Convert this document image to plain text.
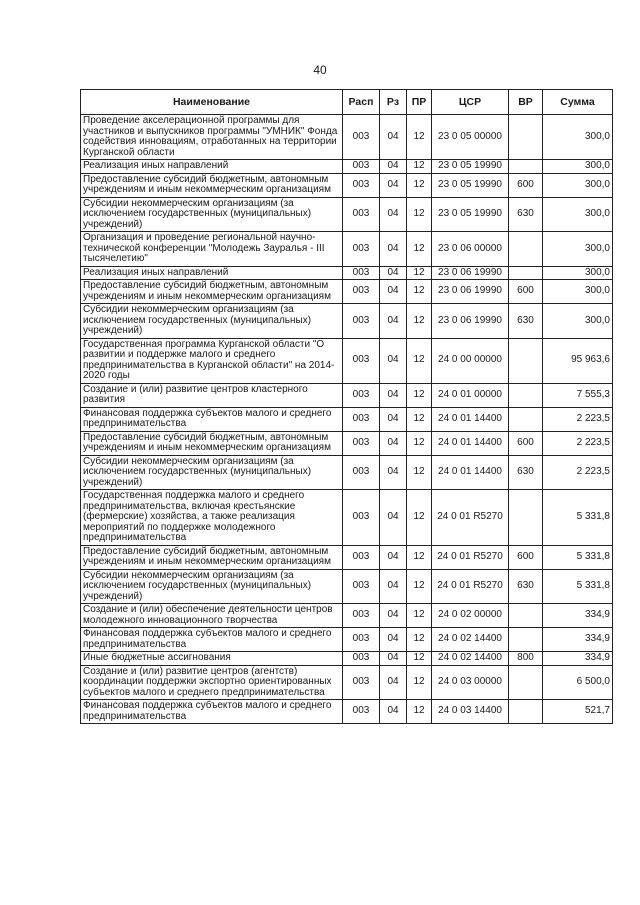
40
Наименование	Расп	Рз	ПР	ЦСР	ВР	Сумма
Проведение акселерационной программы для участников и выпускников программы "УМНИК" Фонда содействия инновациям, отработанных на территории Курганской области	003	04	12	23 0 05 00000		300,0
Реализация иных направлений	003	04	12	23 0 05 19990		300,0
Предоставление субсидий бюджетным, автономным учреждениям и иным некоммерческим организациям	003	04	12	23 0 05 19990	600	300,0
Субсидии некоммерческим организациям (за исключением государственных (муниципальных) учреждений)	003	04	12	23 0 05 19990	630	300,0
Организация и проведение региональной научно-технической конференции "Молодежь Зауралья - III тысячелетию"	003	04	12	23 0 06 00000		300,0
Реализация иных направлений	003	04	12	23 0 06 19990		300,0
Предоставление субсидий бюджетным, автономным учреждениям и иным некоммерческим организациям	003	04	12	23 0 06 19990	600	300,0
Субсидии некоммерческим организациям (за исключением государственных (муниципальных) учреждений)	003	04	12	23 0 06 19990	630	300,0
Государственная программа Курганской области "О развитии и поддержке малого и среднего предпринимательства в Курганской области" на 2014-2020 годы	003	04	12	24 0 00 00000		95 963,6
Создание и (или) развитие центров кластерного развития	003	04	12	24 0 01 00000		7 555,3
Финансовая поддержка субъектов малого и среднего предпринимательства	003	04	12	24 0 01 14400		2 223,5
Предоставление субсидий бюджетным, автономным учреждениям и иным некоммерческим организациям	003	04	12	24 0 01 14400	600	2 223,5
Субсидии некоммерческим организациям (за исключением государственных (муниципальных) учреждений)	003	04	12	24 0 01 14400	630	2 223,5
Государственная поддержка малого и среднего предпринимательства, включая крестьянские (фермерские) хозяйства, а также реализация мероприятий по поддержке молодежного предпринимательства	003	04	12	24 0 01 R5270		5 331,8
Предоставление субсидий бюджетным, автономным учреждениям и иным некоммерческим организациям	003	04	12	24 0 01 R5270	600	5 331,8
Субсидии некоммерческим организациям (за исключением государственных (муниципальных) учреждений)	003	04	12	24 0 01 R5270	630	5 331,8
Создание и (или) обеспечение деятельности центров молодежного инновационного творчества	003	04	12	24 0 02 00000		334,9
Финансовая поддержка субъектов малого и среднего предпринимательства	003	04	12	24 0 02 14400		334,9
Иные бюджетные ассигнования	003	04	12	24 0 02 14400	800	334,9
Создание и (или) развитие центров (агентств) координации поддержки экспортно ориентированных субъектов малого и среднего предпринимательства	003	04	12	24 0 03 00000		6 500,0
Финансовая поддержка субъектов малого и среднего предпринимательства	003	04	12	24 0 03 14400		521,7
